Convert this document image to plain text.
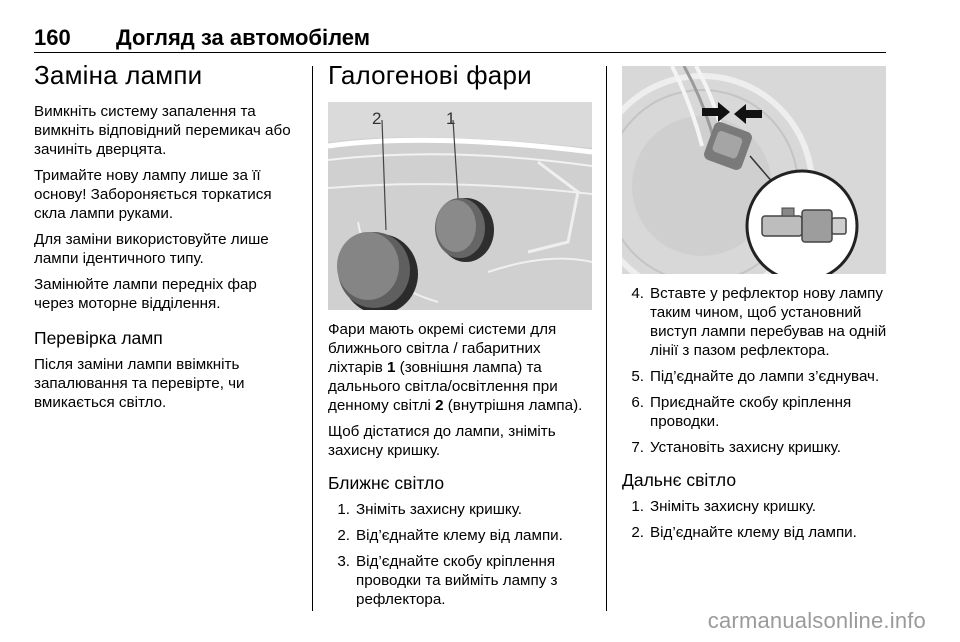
160 Догляд за автомобілем
Заміна лампи

Вимкніть систему запалення та вимкніть відповідний перемикач або зачиніть дверцята.

Тримайте нову лампу лише за її основу! Забороняється торкатися скла лампи руками.

Для заміни використовуйте лише лампи ідентичного типу.

Замінюйте лампи передніх фар через моторне відділення.

Перевірка ламп

Після заміни лампи ввімкніть запалювання та перевірте, чи вмикається світло.

Галогенові фари
2	1

Фари мають окремі системи для ближнього світла / габаритних ліхтарів 1 (зовнішня лампа) та дальнього світла/освітлення при денному світлі 2 (внутрішня лампа).

Щоб дістатися до лампи, зніміть захисну кришку.

Ближнє світло
1. Зніміть захисну кришку.
2. Від’єднайте клему від лампи.
3. Від’єднайте скобу кріплення проводки та вийміть лампу з рефлектора.
4. Вставте у рефлектор нову лампу таким чином, щоб установний виступ лампи перебував на одній лінії з пазом рефлектора.
5. Під’єднайте до лампи з’єднувач.
6. Приєднайте скобу кріплення проводки.
7. Установіть захисну кришку.
Дальнє світло
1. Зніміть захисну кришку.
2. Від’єднайте клему від лампи.
carmanualsonline.info
